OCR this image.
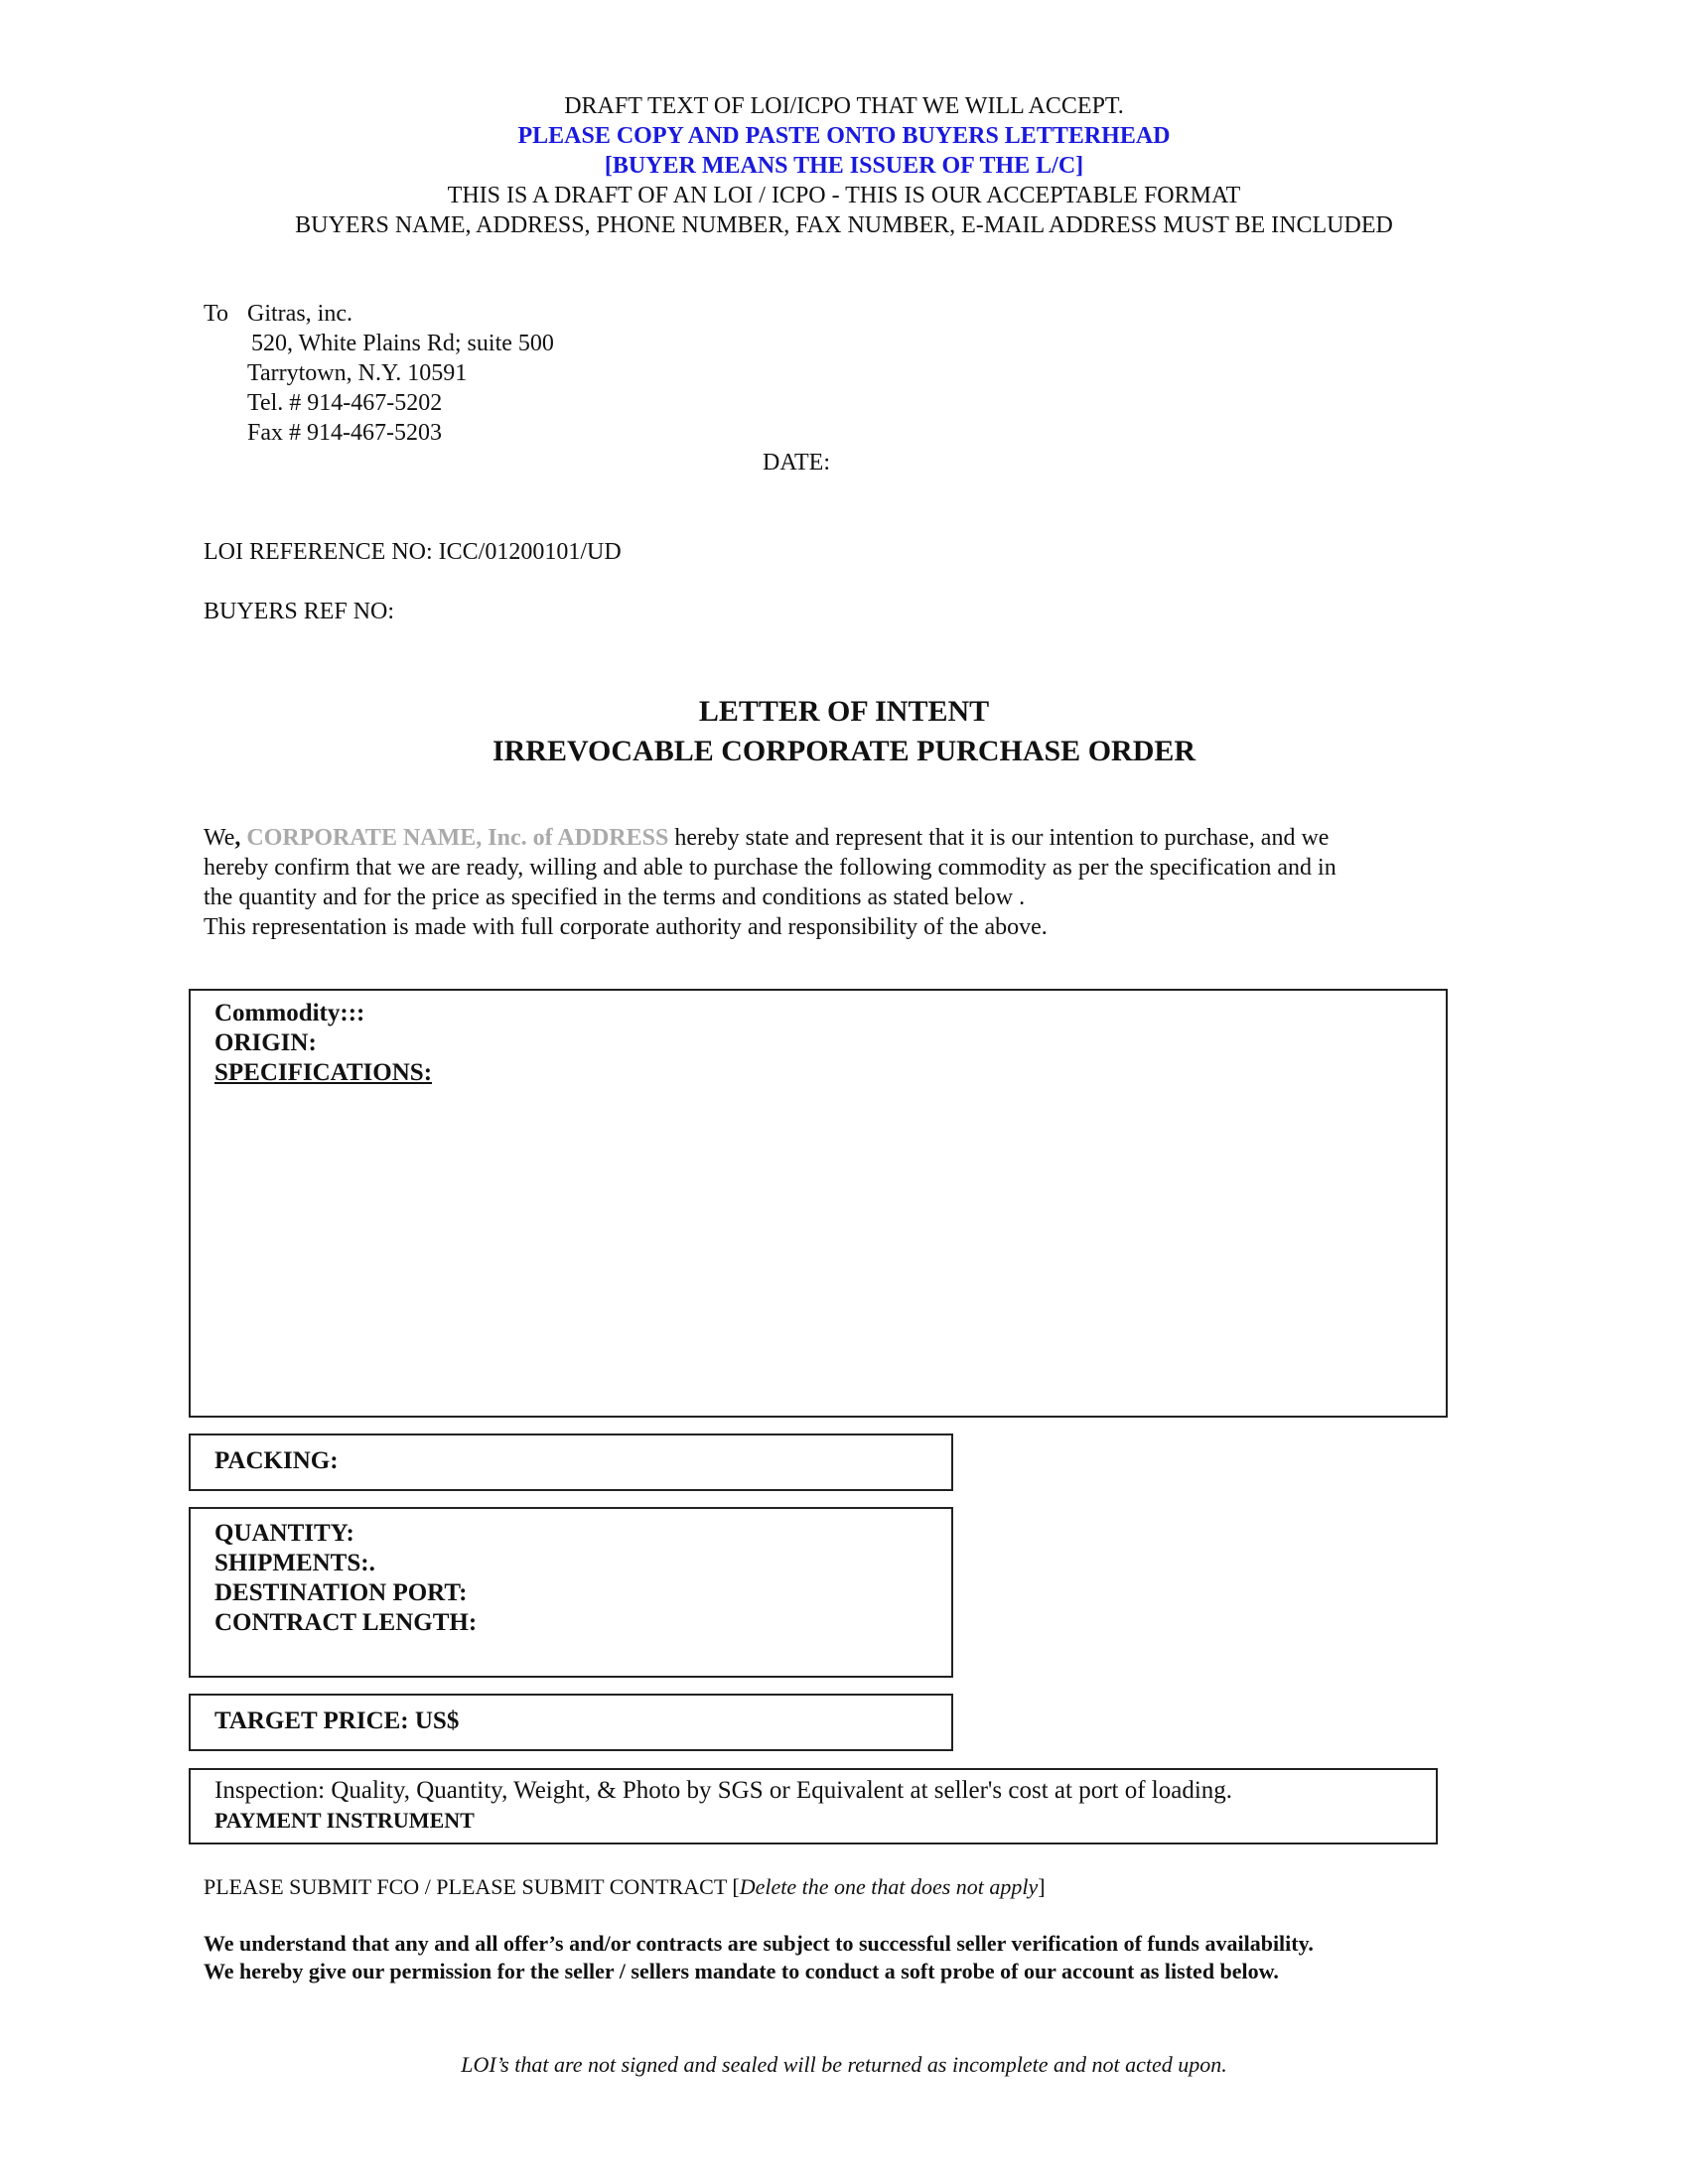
DRAFT TEXT OF LOI/ICPO THAT WE WILL ACCEPT.
PLEASE COPY AND PASTE ONTO BUYERS LETTERHEAD
[BUYER MEANS THE ISSUER OF THE L/C]
THIS IS A DRAFT OF AN LOI / ICPO - THIS IS OUR ACCEPTABLE FORMAT
BUYERS NAME, ADDRESS, PHONE NUMBER, FAX NUMBER, E-MAIL ADDRESS MUST BE INCLUDED
To Gitras, inc.
520, White Plains Rd; suite 500
Tarrytown, N.Y. 10591
Tel. # 914-467-5202
Fax # 914-467-5203
DATE:
LOI REFERENCE NO: ICC/01200101/UD
BUYERS REF NO:
LETTER OF INTENT
IRREVOCABLE CORPORATE PURCHASE ORDER
We, CORPORATE NAME, Inc. of ADDRESS hereby state and represent that it is our intention to purchase, and we
hereby confirm that we are ready, willing and able to purchase the following commodity as per the specification and in
the quantity and for the price as specified in the terms and conditions as stated below .
This representation is made with full corporate authority and responsibility of the above.
Commodity:::
ORIGIN:
SPECIFICATIONS:
PACKING:
QUANTITY:
SHIPMENTS:.
DESTINATION PORT:
CONTRACT LENGTH:
TARGET PRICE: US$
Inspection: Quality, Quantity, Weight, & Photo by SGS or Equivalent at seller's cost at port of loading.
PAYMENT INSTRUMENT
PLEASE SUBMIT FCO / PLEASE SUBMIT CONTRACT [Delete the one that does not apply]
We understand that any and all offer’s and/or contracts are subject to successful seller verification of funds availability.
We hereby give our permission for the seller / sellers mandate to conduct a soft probe of our account as listed below.
LOI’s that are not signed and sealed will be returned as incomplete and not acted upon.
